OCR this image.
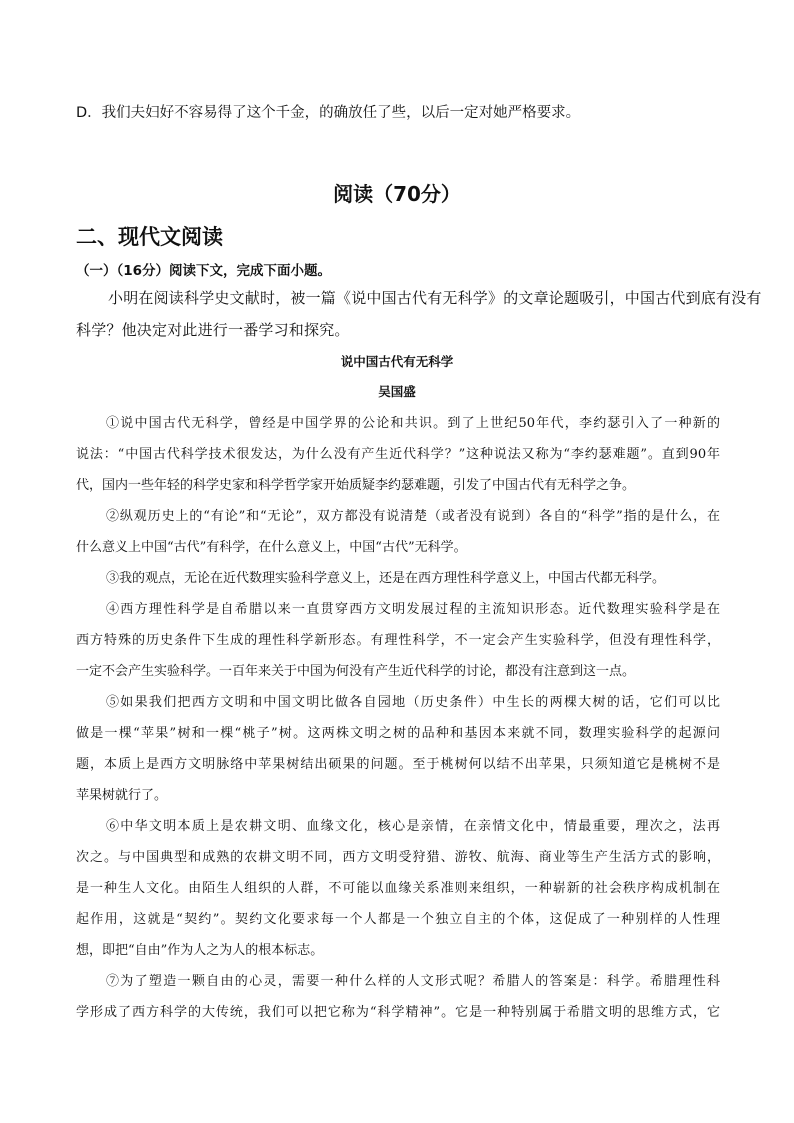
D．我们夫妇好不容易得了这个千金，的确放任了些，以后一定对她严格要求。
阅读（70分）
二、现代文阅读
（一）（16分）阅读下文，完成下面小题。
小明在阅读科学史文献时，被一篇《说中国古代有无科学》的文章论题吸引，中国古代到底有没有
科学？他决定对此进行一番学习和探究。
说中国古代有无科学
吴国盛
①说中国古代无科学，曾经是中国学界的公论和共识。到了上世纪50年代，李约瑟引入了一种新的
说法：“中国古代科学技术很发达，为什么没有产生近代科学？”这种说法又称为“李约瑟难题”。直到90年
代，国内一些年轻的科学史家和科学哲学家开始质疑李约瑟难题，引发了中国古代有无科学之争。
②纵观历史上的“有论”和“无论”，双方都没有说清楚（或者没有说到）各自的“科学”指的是什么，在
什么意义上中国“古代”有科学，在什么意义上，中国“古代”无科学。
③我的观点，无论在近代数理实验科学意义上，还是在西方理性科学意义上，中国古代都无科学。
④西方理性科学是自希腊以来一直贯穿西方文明发展过程的主流知识形态。近代数理实验科学是在
西方特殊的历史条件下生成的理性科学新形态。有理性科学，不一定会产生实验科学，但没有理性科学，
一定不会产生实验科学。一百年来关于中国为何没有产生近代科学的讨论，都没有注意到这一点。
⑤如果我们把西方文明和中国文明比做各自园地（历史条件）中生长的两棵大树的话，它们可以比
做是一棵“苹果”树和一棵“桃子”树。这两株文明之树的品种和基因本来就不同，数理实验科学的起源问
题，本质上是西方文明脉络中苹果树结出硕果的问题。至于桃树何以结不出苹果，只须知道它是桃树不是
苹果树就行了。
⑥中华文明本质上是农耕文明、血缘文化，核心是亲情，在亲情文化中，情最重要，理次之，法再
次之。与中国典型和成熟的农耕文明不同，西方文明受狩猎、游牧、航海、商业等生产生活方式的影响，
是一种生人文化。由陌生人组织的人群，不可能以血缘关系准则来组织，一种崭新的社会秩序构成机制在
起作用，这就是“契约”。契约文化要求每一个人都是一个独立自主的个体，这促成了一种别样的人性理
想，即把“自由”作为人之为人的根本标志。
⑦为了塑造一颗自由的心灵，需要一种什么样的人文形式呢？希腊人的答案是：科学。希腊理性科
学形成了西方科学的大传统，我们可以把它称为“科学精神”。它是一种特别属于希腊文明的思维方式，它
